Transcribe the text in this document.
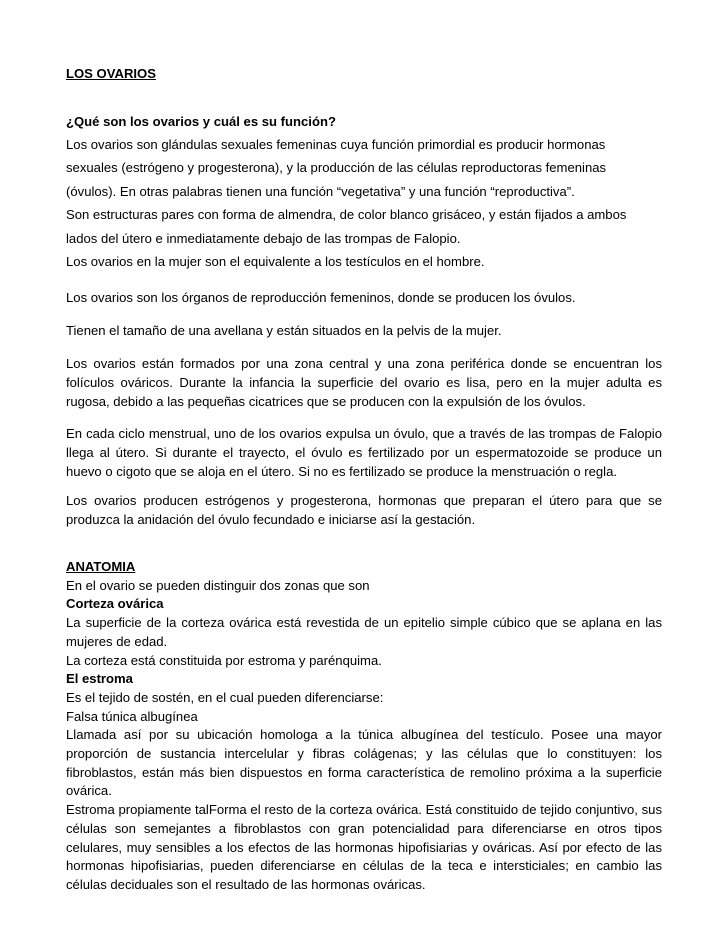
LOS OVARIOS

¿Qué son los ovarios y cuál es su función?

Los ovarios son glándulas sexuales femeninas cuya función primordial es producir hormonas

sexuales (estrógeno y progesterona), y la producción de las células reproductoras femeninas

(óvulos). En otras palabras tienen una función “vegetativa” y una función “reproductiva”.

Son estructuras pares con forma de almendra, de color blanco grisáceo, y están fijados a ambos

lados del útero e inmediatamente debajo de las trompas de Falopio.

Los ovarios en la mujer son el equivalente a los testículos en el hombre.

Los ovarios son los órganos de reproducción femeninos, donde se producen los óvulos.

Tienen el tamaño de una avellana y están situados en la pelvis de la mujer.

Los ovarios están formados por una zona central y una zona periférica donde se encuentran los folículos ováricos. Durante la infancia la superficie del ovario es lisa, pero en la mujer adulta es rugosa, debido a las pequeñas cicatrices que se producen con la expulsión de los óvulos.

En cada ciclo menstrual, uno de los ovarios expulsa un óvulo, que a través de las trompas de Falopio llega al útero. Si durante el trayecto, el óvulo es fertilizado por un espermatozoide se produce un huevo o cigoto que se aloja en el útero. Si no es fertilizado se produce la menstruación o regla.

Los ovarios producen estrógenos y progesterona, hormonas que preparan el útero para que se produzca la anidación del óvulo fecundado e iniciarse así la gestación.

ANATOMIA

En el ovario se pueden distinguir dos zonas que son

Corteza ovárica

La superficie de la corteza ovárica está revestida de un epitelio simple cúbico que se aplana en las mujeres de edad.

La corteza está constituida por estroma y parénquima.

El estroma

Es el tejido de sostén, en el cual pueden diferenciarse:

Falsa túnica albugínea

Llamada así por su ubicación homologa a la túnica albugínea del testículo. Posee una mayor proporción de sustancia intercelular y fibras colágenas; y las células que lo constituyen: los fibroblastos, están más bien dispuestos en forma característica de remolino próxima a la superficie ovárica.

Estroma propiamente talForma el resto de la corteza ovárica. Está constituido de tejido conjuntivo, sus células son semejantes a fibroblastos con gran potencialidad para diferenciarse en otros tipos celulares, muy sensibles a los efectos de las hormonas hipofisiarias y ováricas. Así por efecto de las hormonas hipofisiarias, pueden diferenciarse en células de la teca e intersticiales; en cambio las células deciduales son el resultado de las hormonas ováricas.
